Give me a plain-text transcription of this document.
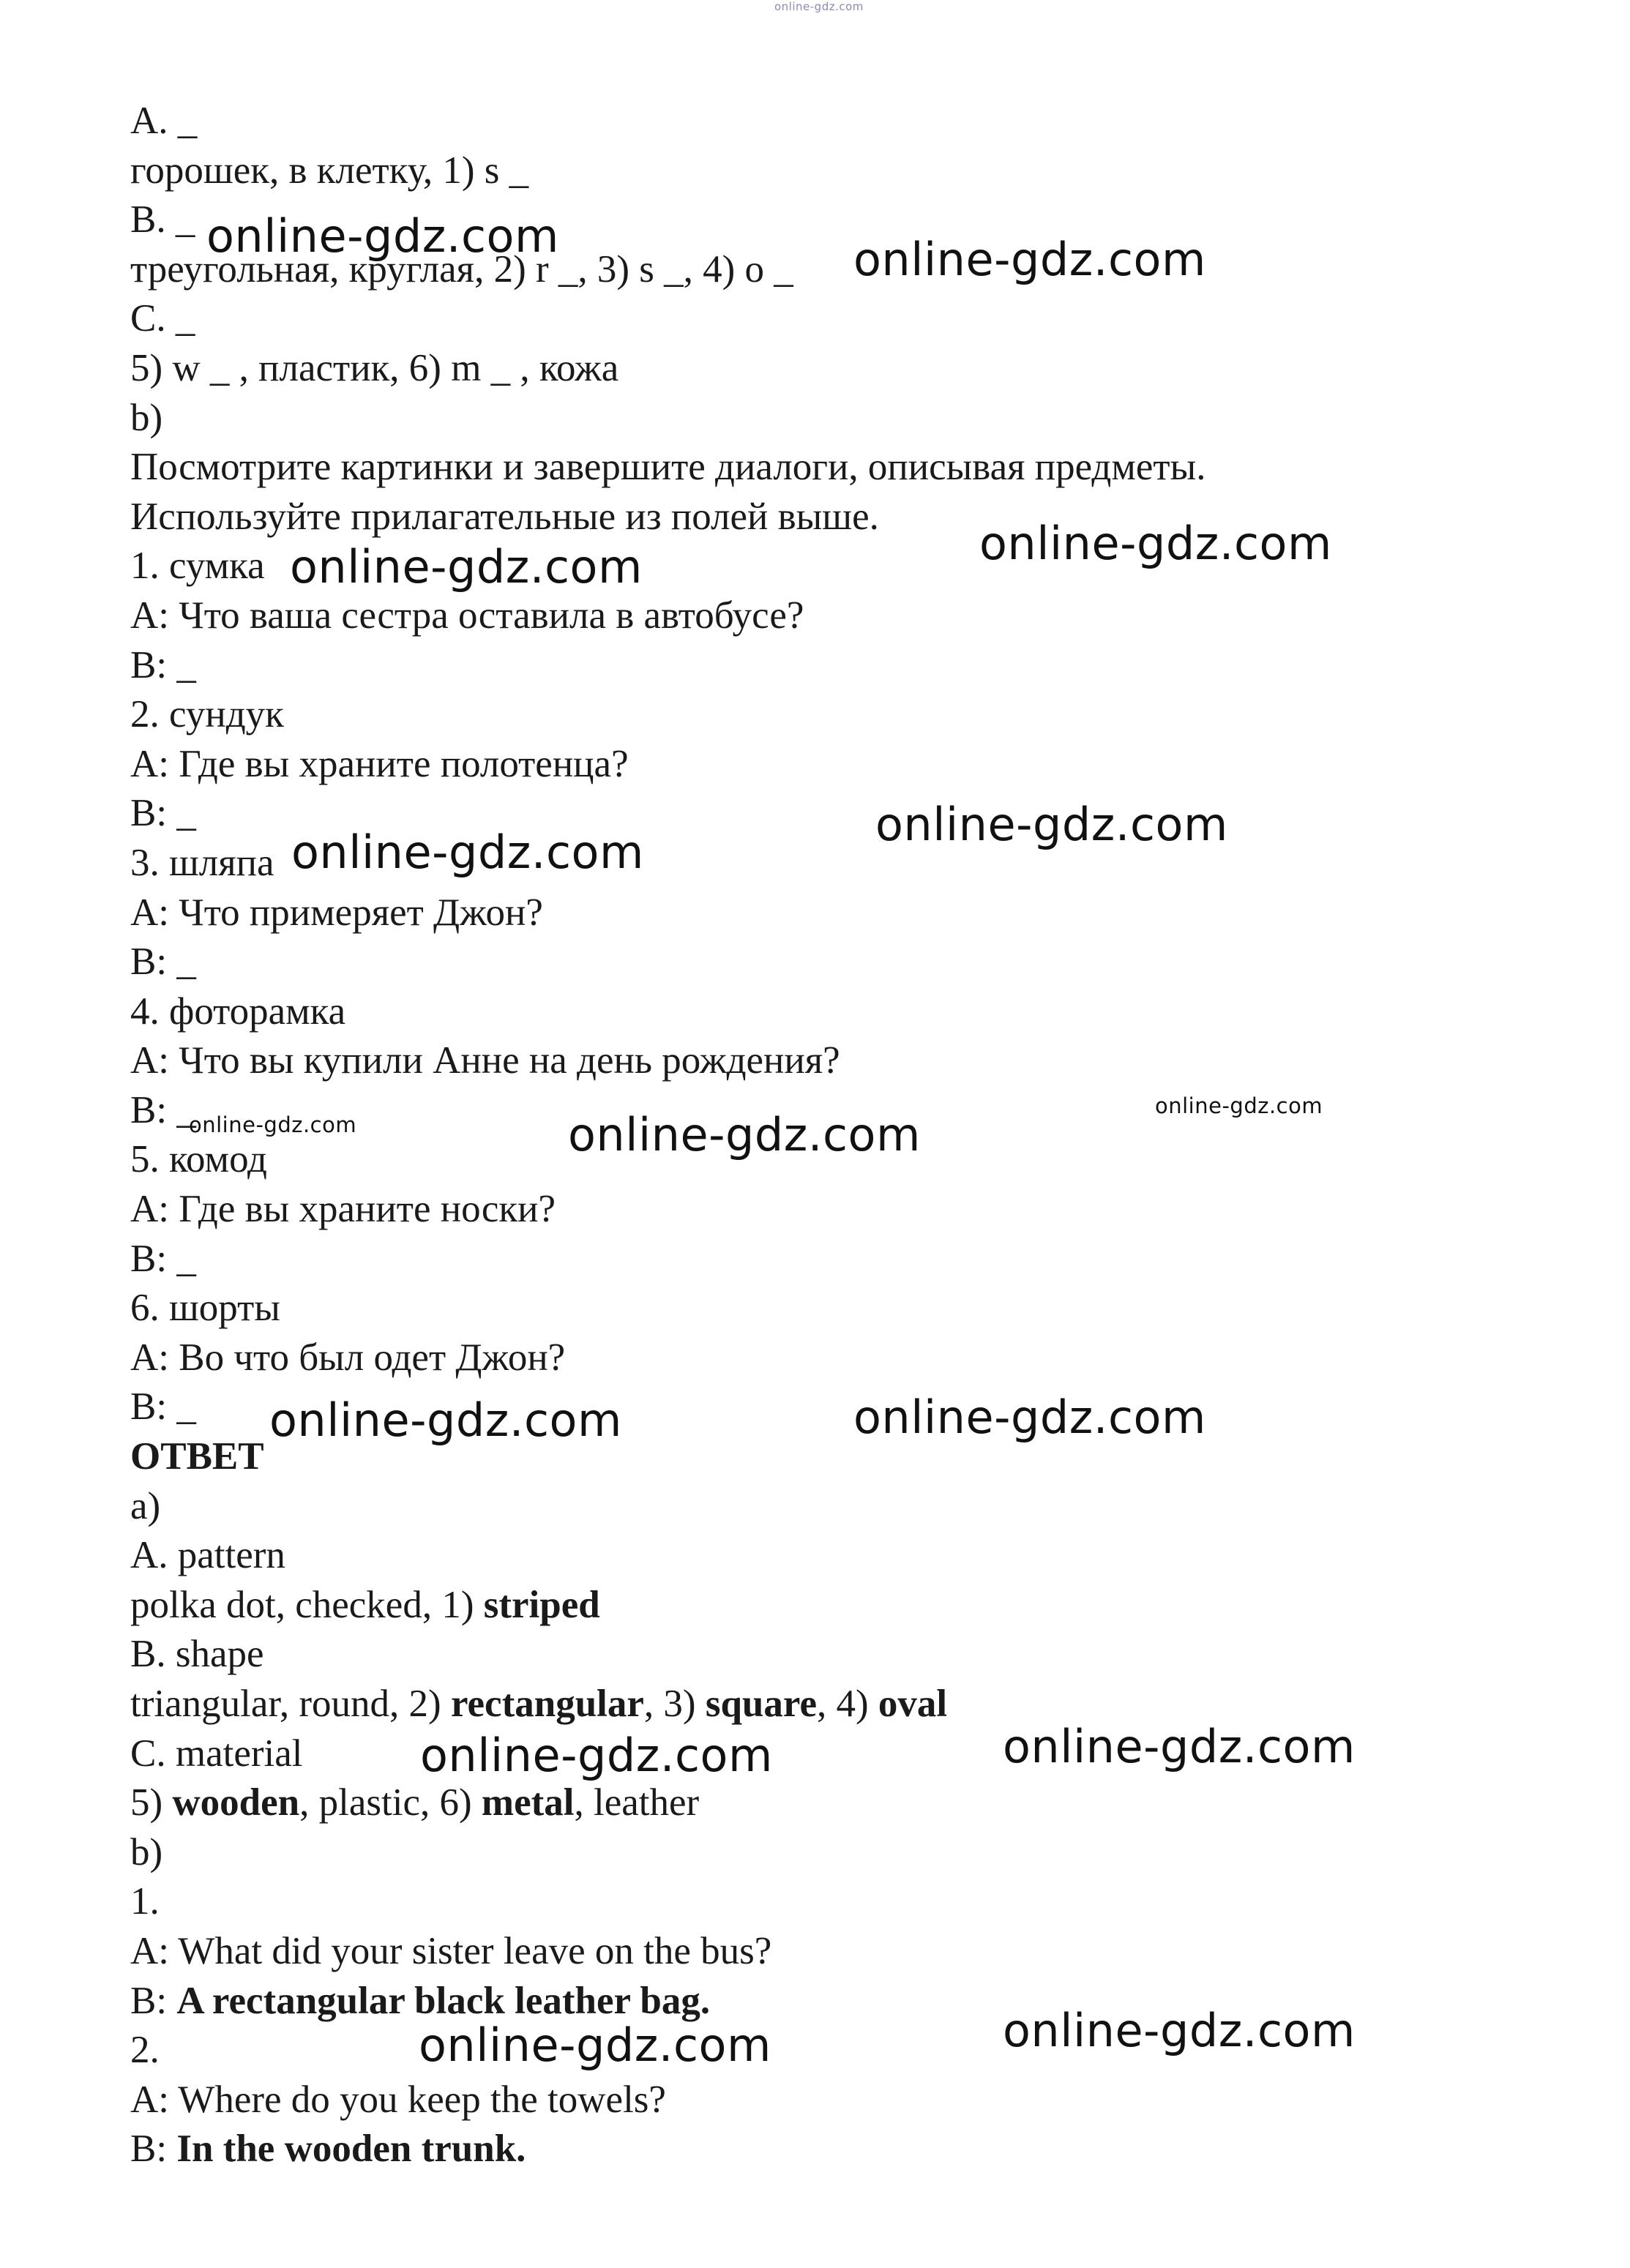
online-gdz.com
A. _
горошек, в клетку, 1) s _
B. _
треугольная, круглая, 2) r _, 3) s _, 4) o _
C. _
5) w _ , пластик, 6) m _ , кожа
b)
Посмотрите картинки и завершите диалоги, описывая предметы.
Используйте прилагательные из полей выше.
1. сумка
A: Что ваша сестра оставила в автобусе?
B: _
2. сундук
A: Где вы храните полотенца?
B: _
3. шляпа
A: Что примеряет Джон?
B: _
4. фоторамка
A: Что вы купили Анне на день рождения?
B: _
5. комод
A: Где вы храните носки?
B: _
6. шорты
A: Во что был одет Джон?
B: _
ОТВЕТ
a)
A. pattern
polka dot, checked, 1) striped
B. shape
triangular, round, 2) rectangular, 3) square, 4) oval
C. material
5) wooden, plastic, 6) metal, leather
b)
1.
A: What did your sister leave on the bus?
B: A rectangular black leather bag.
2.
A: Where do you keep the towels?
B: In the wooden trunk.
online-gdz.com	online-gdz.com
online-gdz.com
online-gdz.com
online-gdz.com
online-gdz.com
online-gdz.com
online-gdz.com	online-gdz.com
online-gdz.com
online-gdz.com
online-gdz.com
online-gdz.com
online-gdz.com
online-gdz.com
